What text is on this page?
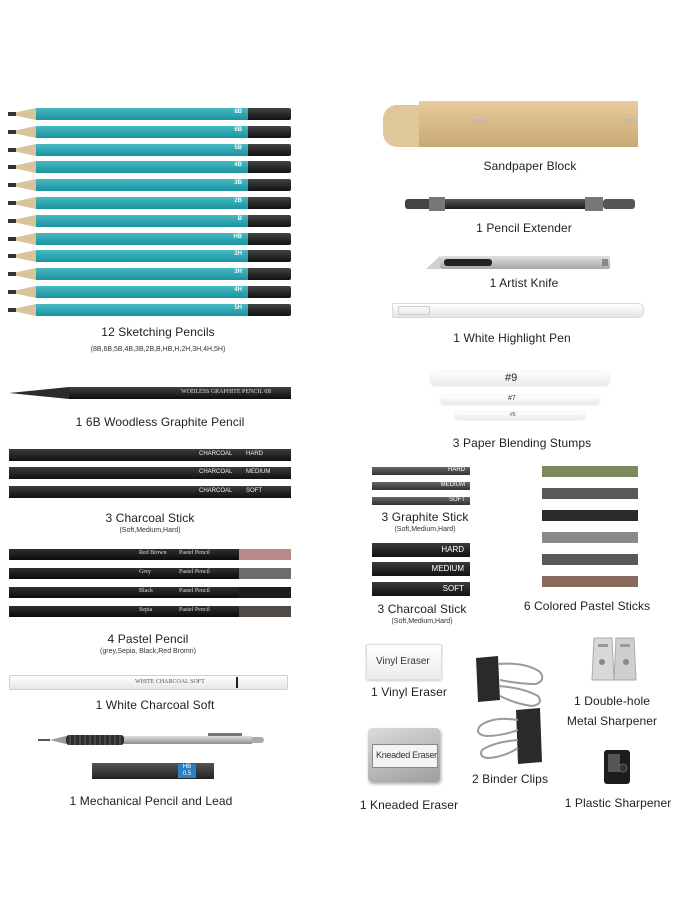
8B
6B
5B
4B
3B
2B
B
HB
2H
3H
4H
5H
12 Sketching Pencils
(8B,6B,5B,4B,3B,2B,B,HB,H,2H,3H,4H,5H)
WODLESS GRAPHITE PENCIL 6B
1 6B Woodless Graphite Pencil
CHARCOAL HARD
CHARCOAL MEDIUM
CHARCOAL SOFT
3 Charcoal Stick
(Soft,Medium,Hard)
Red Brown Pastel Pencil
Grey	Pastel Pencil
Black	Pastel Pencil
Sepia	Pastel Pencil
4 Pastel Pencil
(grey,Sepia, Black,Red Bromn)
WHITE CHARCOAL SOFT
1 White Charcoal Soft
HB
0.5
1 Mechanical Pencil and Lead
Sandpaper Block
1 Pencil Extender
1 Artist Knife
1 White Highlight Pen
#9
#7
#5
3 Paper Blending Stumps
HARD
MEDIUM
SOFT
3 Graphite Stick
(Soft,Medium,Hard)
HARD
MEDIUM
SOFT
3 Charcoal Stick
(Soft,Medium,Hard)
6 Colored Pastel Sticks
Vinyl Eraser
1 Vinyl Eraser
2 Binder Clips
1 Double-hole
Metal Sharpener
Kneaded Eraser
1 Kneaded Eraser	1 Plastic Sharpener
